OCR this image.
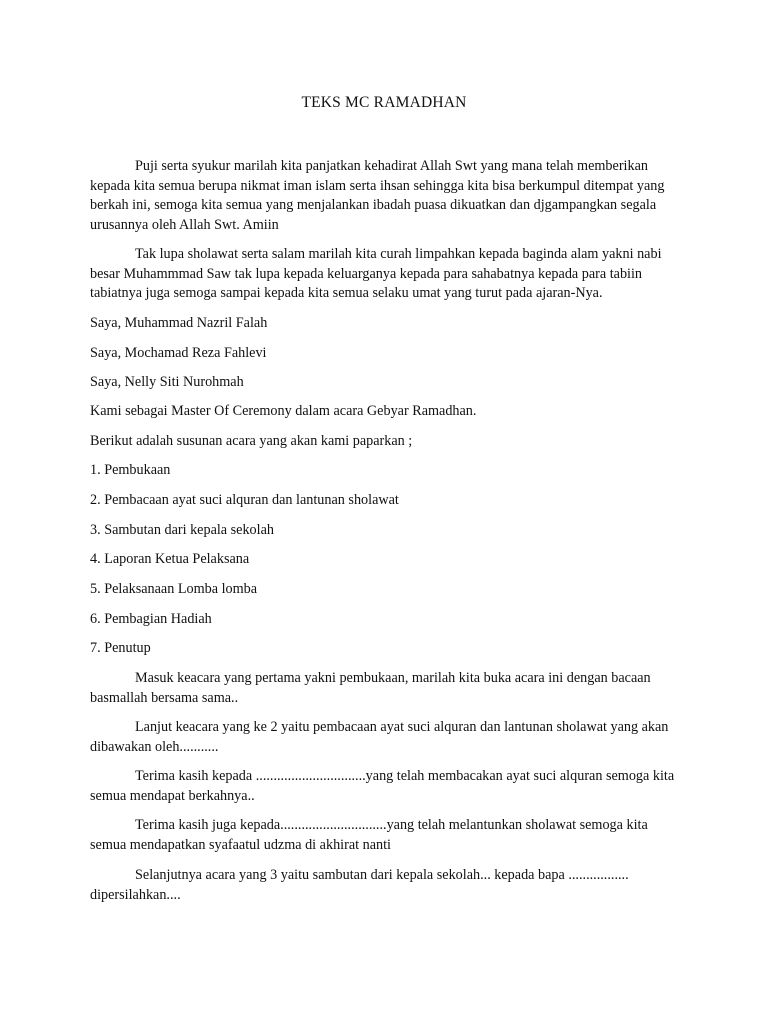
TEKS MC RAMADHAN

Puji serta syukur marilah kita panjatkan kehadirat Allah Swt yang mana telah memberikan kepada kita semua berupa nikmat iman islam serta ihsan sehingga kita bisa berkumpul ditempat yang berkah ini, semoga kita semua yang menjalankan ibadah puasa dikuatkan dan djgampangkan segala urusannya oleh Allah Swt. Amiin

Tak lupa sholawat serta salam marilah kita curah limpahkan kepada baginda alam yakni nabi besar Muhammmad Saw tak lupa kepada keluarganya kepada para sahabatnya kepada para tabiin tabiatnya juga semoga sampai kepada kita semua selaku umat yang turut pada ajaran-Nya.

Saya, Muhammad Nazril Falah

Saya, Mochamad Reza Fahlevi

Saya, Nelly Siti Nurohmah

Kami sebagai Master Of Ceremony dalam acara Gebyar Ramadhan.

Berikut adalah susunan acara yang akan kami paparkan ;

1. Pembukaan

2. Pembacaan ayat suci alquran dan lantunan sholawat

3. Sambutan dari kepala sekolah

4. Laporan Ketua Pelaksana

5. Pelaksanaan Lomba lomba

6. Pembagian Hadiah

7. Penutup

Masuk keacara yang pertama yakni pembukaan, marilah kita buka acara ini dengan bacaan basmallah bersama sama..

Lanjut keacara yang ke 2 yaitu pembacaan ayat suci alquran dan lantunan sholawat yang akan dibawakan oleh...........

Terima kasih kepada ...............................yang telah membacakan ayat suci alquran semoga kita semua mendapat berkahnya..

Terima kasih juga kepada..............................yang telah melantunkan sholawat semoga kita semua mendapatkan syafaatul udzma di akhirat nanti

Selanjutnya acara yang 3 yaitu sambutan dari kepala sekolah... kepada bapa ................. dipersilahkan....
